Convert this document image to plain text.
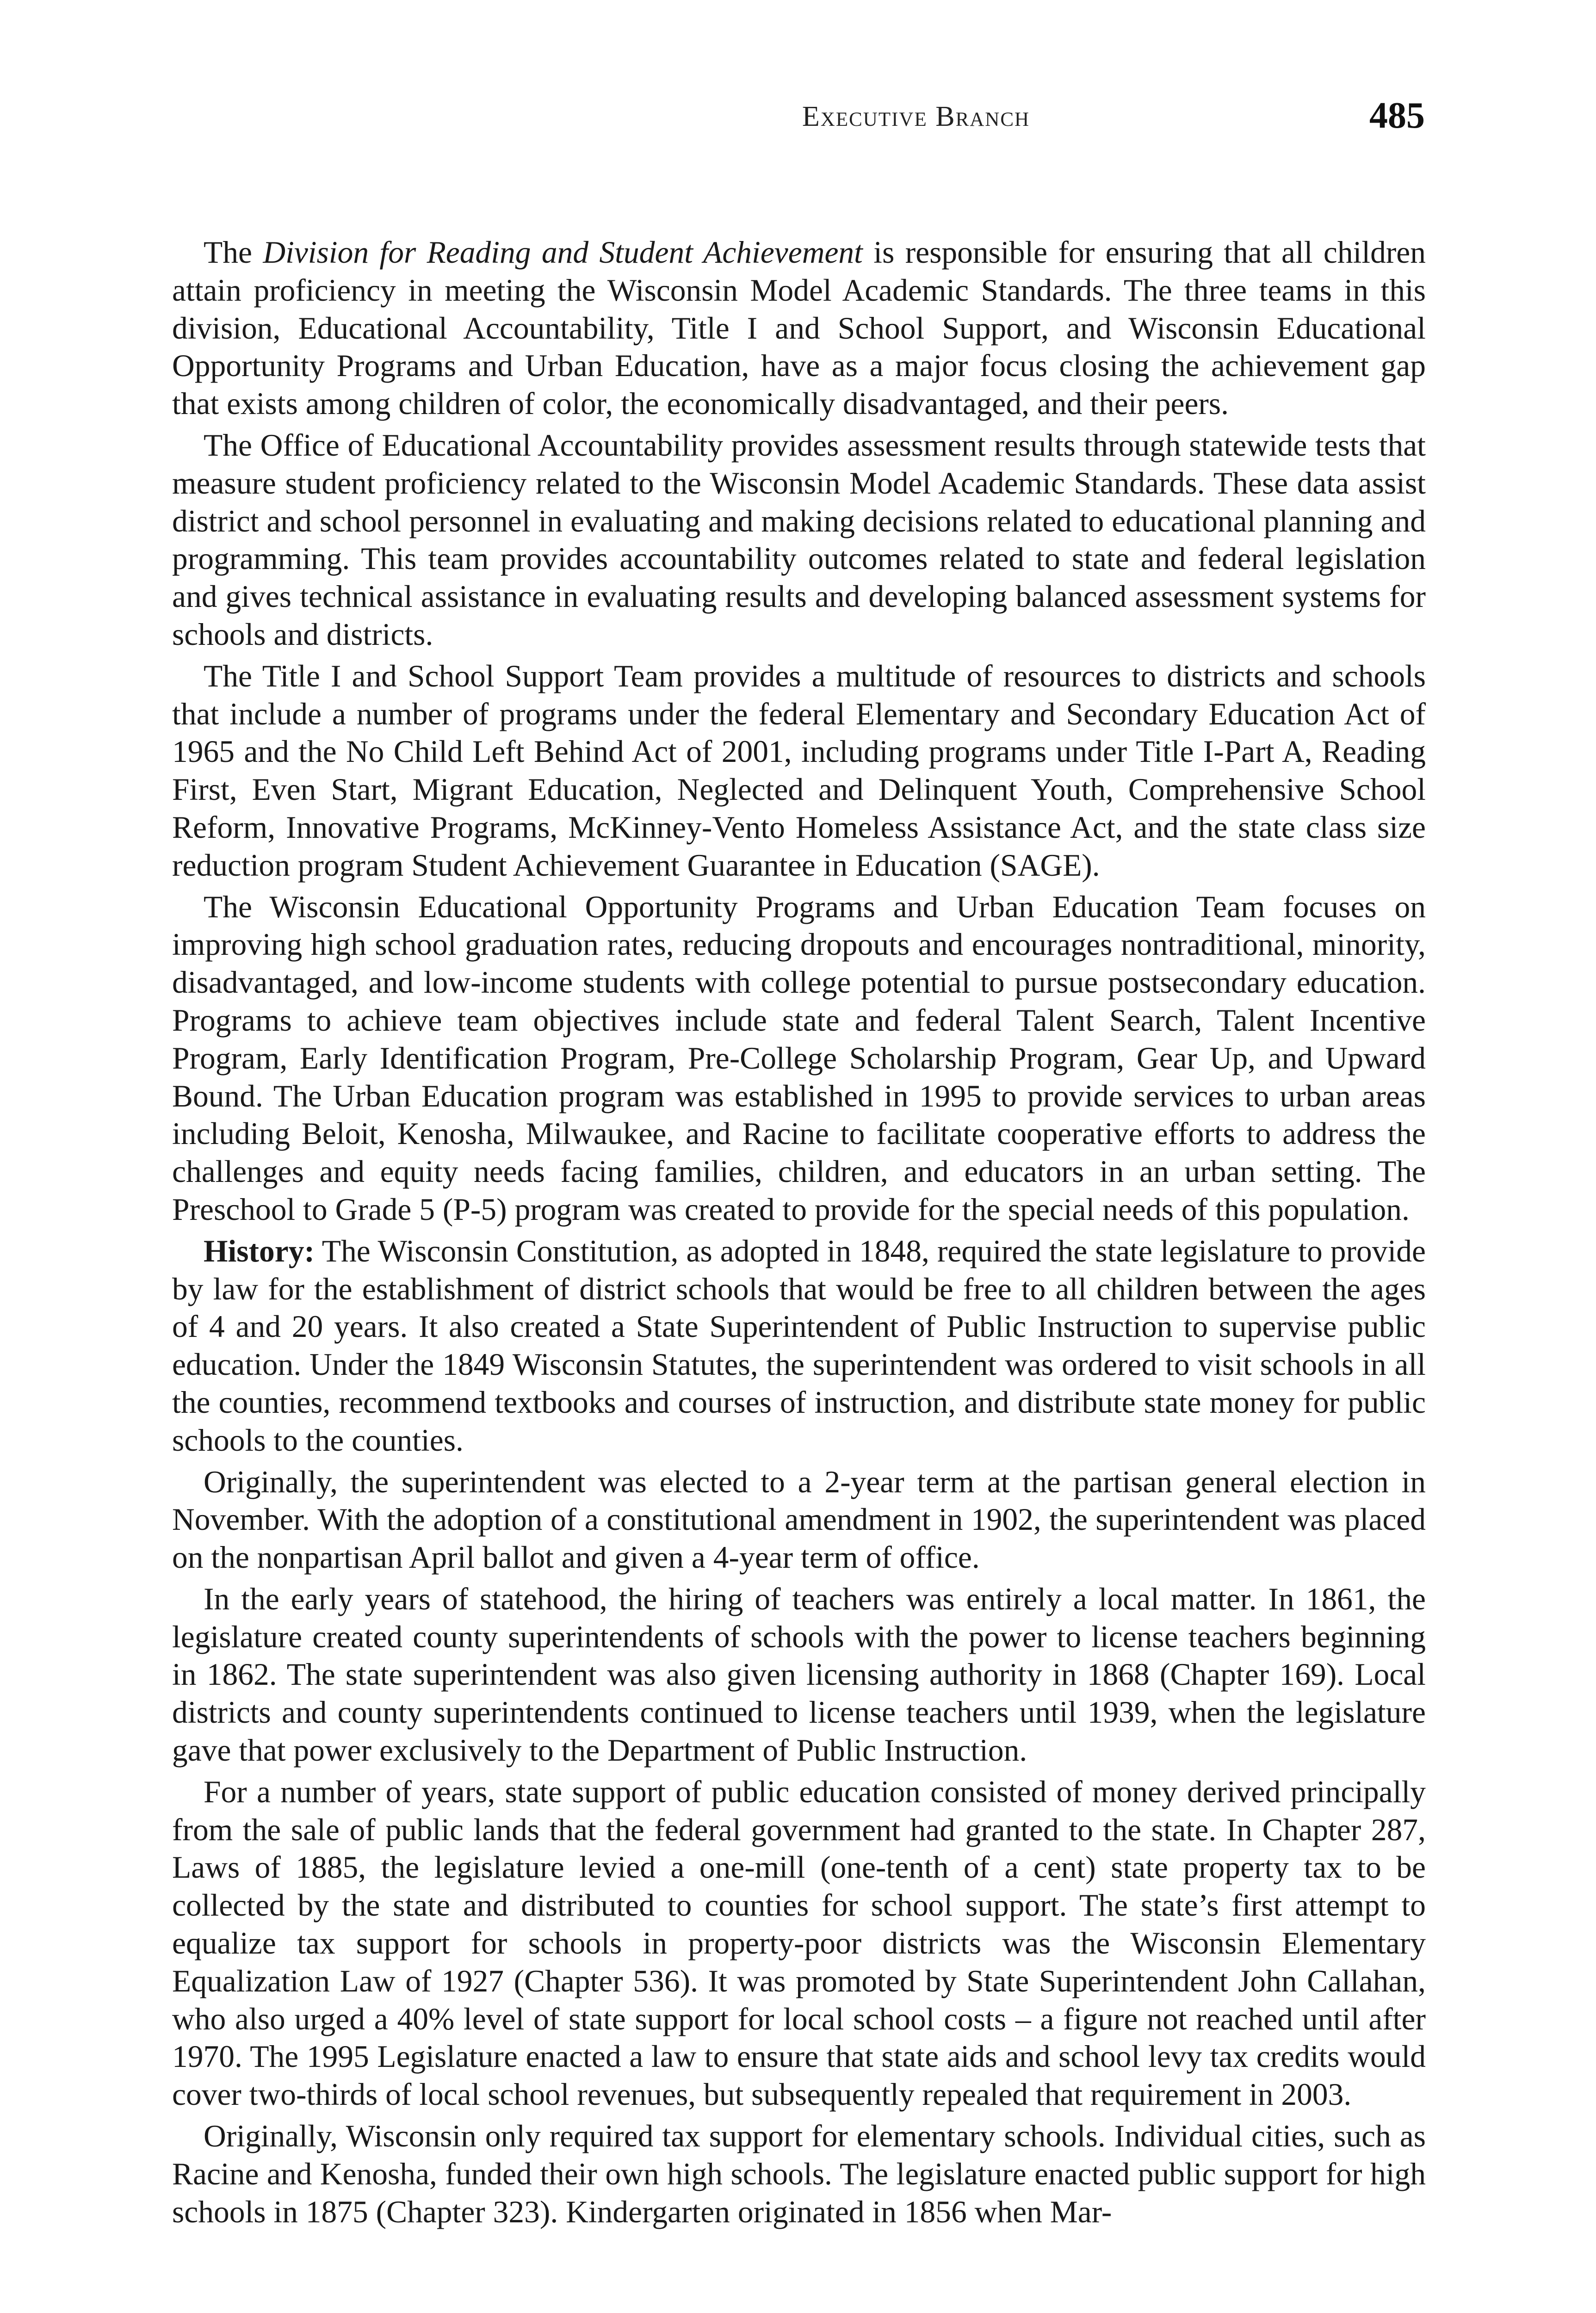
Executive Branch	485

The Division for Reading and Student Achievement is responsible for ensuring that all children attain proficiency in meeting the Wisconsin Model Academic Standards. The three teams in this division, Educational Accountability, Title I and School Support, and Wisconsin Educational Opportunity Programs and Urban Education, have as a major focus closing the achievement gap that exists among children of color, the economically disadvantaged, and their peers.

The Office of Educational Accountability provides assessment results through statewide tests that measure student proficiency related to the Wisconsin Model Academic Standards. These data assist district and school personnel in evaluating and making decisions related to educational planning and programming. This team provides accountability outcomes related to state and federal legislation and gives technical assistance in evaluating results and developing balanced assessment systems for schools and districts.

The Title I and School Support Team provides a multitude of resources to districts and schools that include a number of programs under the federal Elementary and Secondary Education Act of 1965 and the No Child Left Behind Act of 2001, including programs under Title I-Part A, Reading First, Even Start, Migrant Education, Neglected and Delinquent Youth, Comprehensive School Reform, Innovative Programs, McKinney-Vento Homeless Assistance Act, and the state class size reduction program Student Achievement Guarantee in Education (SAGE).

The Wisconsin Educational Opportunity Programs and Urban Education Team focuses on improving high school graduation rates, reducing dropouts and encourages nontraditional, minority, disadvantaged, and low-income students with college potential to pursue postsecondary education. Programs to achieve team objectives include state and federal Talent Search, Talent Incentive Program, Early Identification Program, Pre-College Scholarship Program, Gear Up, and Upward Bound. The Urban Education program was established in 1995 to provide services to urban areas including Beloit, Kenosha, Milwaukee, and Racine to facilitate cooperative efforts to address the challenges and equity needs facing families, children, and educators in an urban setting. The Preschool to Grade 5 (P-5) program was created to provide for the special needs of this population.

History: The Wisconsin Constitution, as adopted in 1848, required the state legislature to provide by law for the establishment of district schools that would be free to all children between the ages of 4 and 20 years. It also created a State Superintendent of Public Instruction to supervise public education. Under the 1849 Wisconsin Statutes, the superintendent was ordered to visit schools in all the counties, recommend textbooks and courses of instruction, and distribute state money for public schools to the counties.

Originally, the superintendent was elected to a 2-year term at the partisan general election in November. With the adoption of a constitutional amendment in 1902, the superintendent was placed on the nonpartisan April ballot and given a 4-year term of office.

In the early years of statehood, the hiring of teachers was entirely a local matter. In 1861, the legislature created county superintendents of schools with the power to license teachers beginning in 1862. The state superintendent was also given licensing authority in 1868 (Chapter 169). Local districts and county superintendents continued to license teachers until 1939, when the legislature gave that power exclusively to the Department of Public Instruction.

For a number of years, state support of public education consisted of money derived principally from the sale of public lands that the federal government had granted to the state. In Chapter 287, Laws of 1885, the legislature levied a one-mill (one-tenth of a cent) state property tax to be collected by the state and distributed to counties for school support. The state’s first attempt to equalize tax support for schools in property-poor districts was the Wisconsin Elementary Equalization Law of 1927 (Chapter 536). It was promoted by State Superintendent John Callahan, who also urged a 40% level of state support for local school costs – a figure not reached until after 1970. The 1995 Legislature enacted a law to ensure that state aids and school levy tax credits would cover two-thirds of local school revenues, but subsequently repealed that requirement in 2003.

Originally, Wisconsin only required tax support for elementary schools. Individual cities, such as Racine and Kenosha, funded their own high schools. The legislature enacted public support for high schools in 1875 (Chapter 323). Kindergarten originated in 1856 when Mar-
